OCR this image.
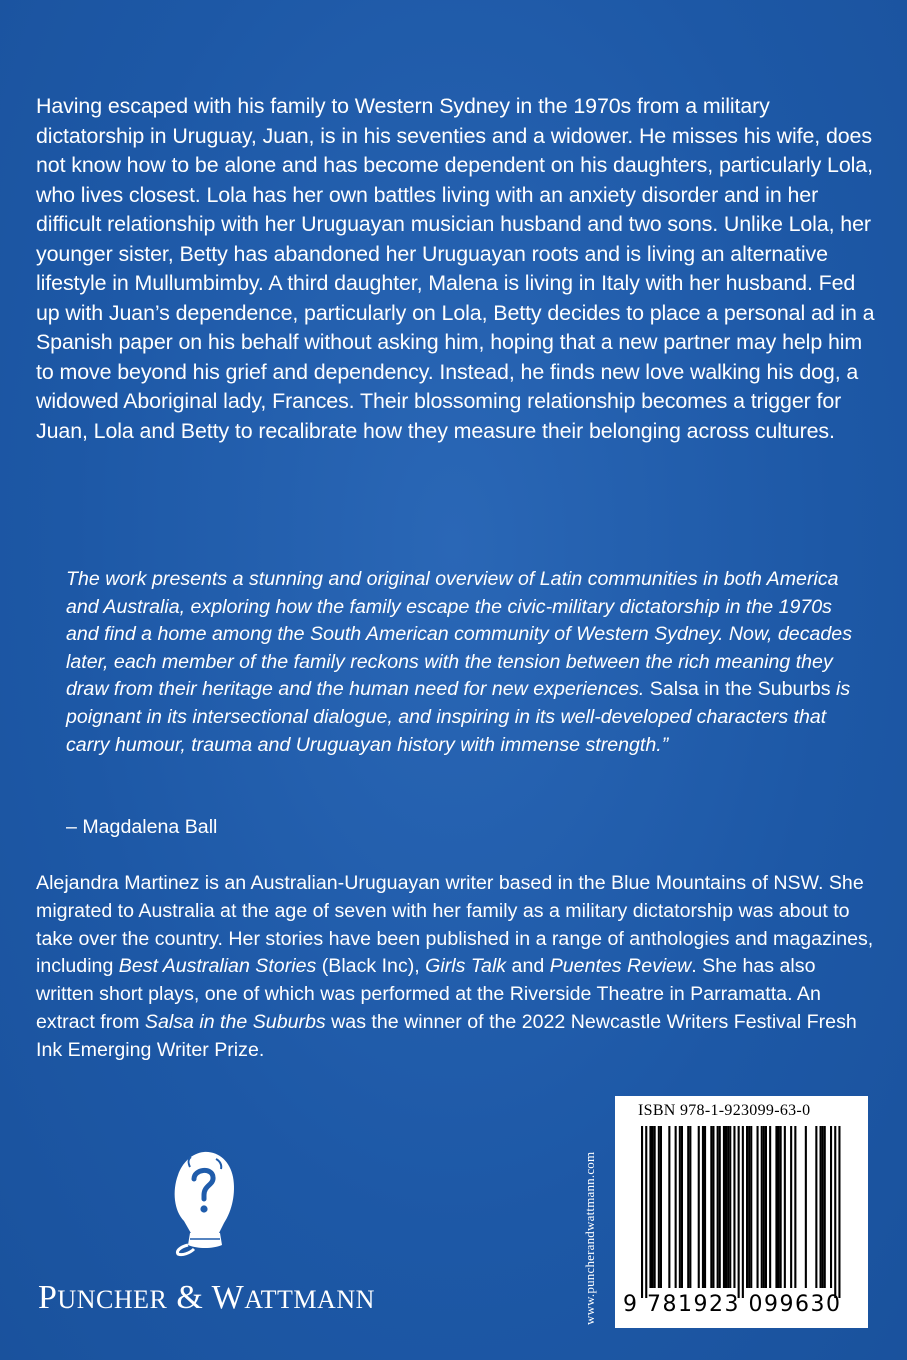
Having escaped with his family to Western Sydney in the 1970s from a military dictatorship in Uruguay, Juan, is in his seventies and a widower. He misses his wife, does not know how to be alone and has become dependent on his daughters, particularly Lola, who lives closest. Lola has her own battles living with an anxiety disorder and in her difficult relationship with her Uruguayan musician husband and two sons. Unlike Lola, her younger sister, Betty has abandoned her Uruguayan roots and is living an alternative lifestyle in Mullumbimby. A third daughter, Malena is living in Italy with her husband. Fed up with Juan’s dependence, particularly on Lola, Betty decides to place a personal ad in a Spanish paper on his behalf without asking him, hoping that a new partner may help him to move beyond his grief and dependency. Instead, he finds new love walking his dog, a widowed Aboriginal lady, Frances. Their blossoming relationship becomes a trigger for Juan, Lola and Betty to recalibrate how they measure their belonging across cultures.

The work presents a stunning and original overview of Latin communities in both America and Australia, exploring how the family escape the civic-military dictatorship in the 1970s and find a home among the South American community of Western Sydney. Now, decades later, each member of the family reckons with the tension between the rich meaning they draw from their heritage and the human need for new experiences. Salsa in the Suburbs is poignant in its intersectional dialogue, and inspiring in its well-developed characters that carry humour, trauma and Uruguayan history with immense strength.”

– Magdalena Ball

Alejandra Martinez is an Australian-Uruguayan writer based in the Blue Mountains of NSW. She migrated to Australia at the age of seven with her family as a military dictatorship was about to take over the country. Her stories have been published in a range of anthologies and magazines, including Best Australian Stories (Black Inc), Girls Talk and Puentes Review. She has also written short plays, one of which was performed at the Riverside Theatre in Parramatta. An extract from Salsa in the Suburbs was the winner of the 2022 Newcastle Writers Festival Fresh Ink Emerging Writer Prize.

PUNCHER & WATTMANN	www.puncherandwattmann.com
ISBN 978-1-923099-63-0
9 781923 099630
